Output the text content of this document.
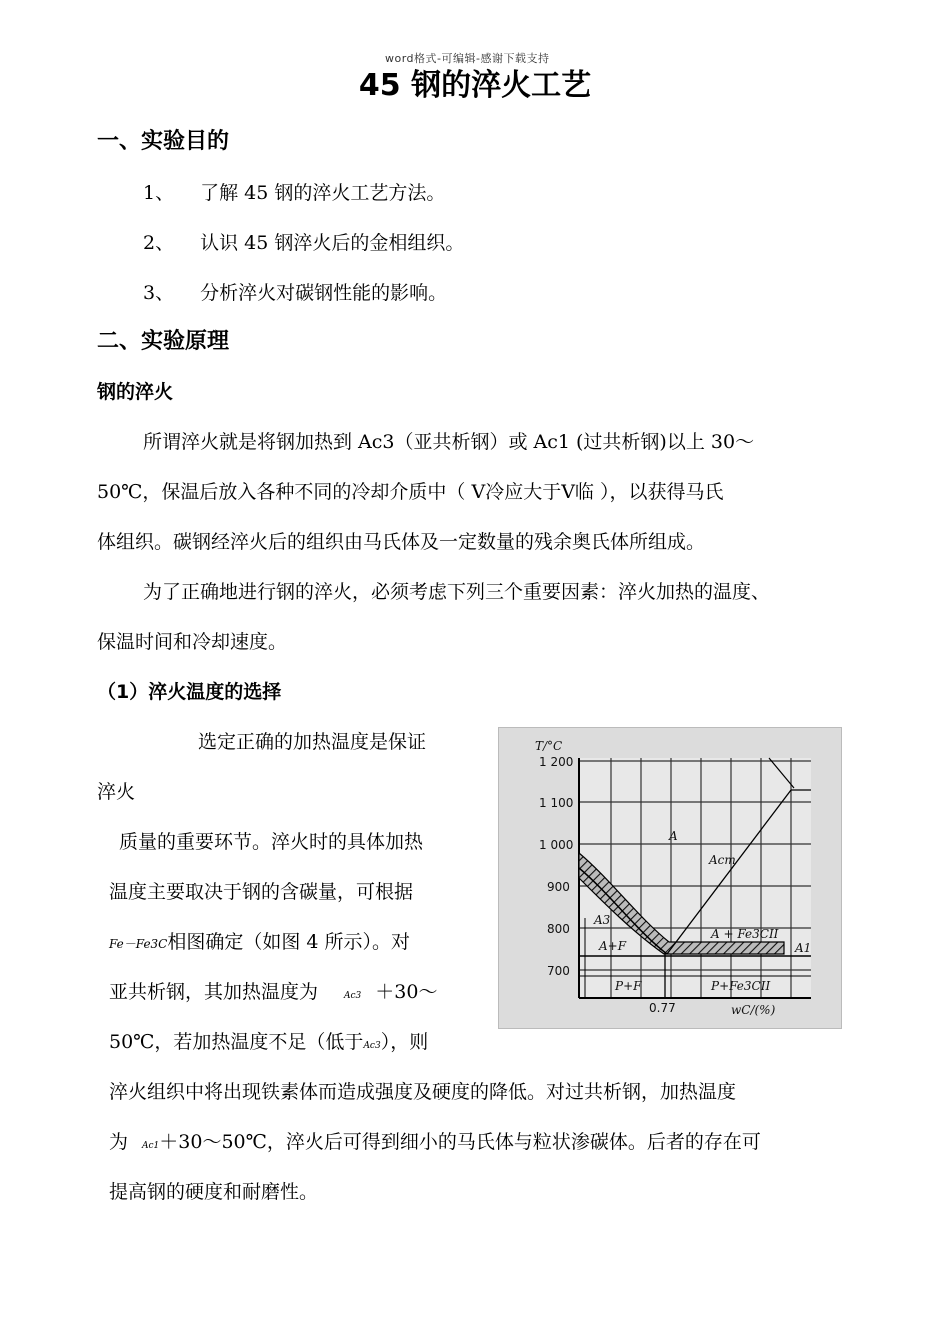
word格式-可编辑-感谢下载支持
45 钢的淬火工艺
一、实验目的
1、 了解 45 钢的淬火工艺方法。
2、 认识 45 钢淬火后的金相组织。
3、 分析淬火对碳钢性能的影响。
二、实验原理
钢的淬火
所谓淬火就是将钢加热到 Ac3（亚共析钢）或 Ac1 (过共析钢)以上 30～
50℃，保温后放入各种不同的冷却介质中（ V冷应大于V临 ），以获得马氏
体组织。碳钢经淬火后的组织由马氏体及一定数量的残余奥氏体所组成。
为了正确地进行钢的淬火，必须考虑下列三个重要因素：淬火加热的温度、
保温时间和冷却速度。
（1）淬火温度的选择
选定正确的加热温度是保证
淬火
质量的重要环节。淬火时的具体加热
温度主要取决于钢的含碳量，可根据
Fe－Fe3C相图确定（如图 4 所示）。对
亚共析钢，其加热温度为	Ac3 ＋30～
50℃，若加热温度不足（低于Ac3），则
淬火组织中将出现铁素体而造成强度及硬度的降低。对过共析钢，加热温度
为 Ac1＋30～50℃，淬火后可得到细小的马氏体与粒状渗碳体。后者的存在可
提高钢的硬度和耐磨性。
T/°C
1 200
1 100
1 000
900
800
700
0.77	wC/(%)
A
A+F
A + Fe3CII
P+F	P+Fe3CII
Acm
A3
A1
